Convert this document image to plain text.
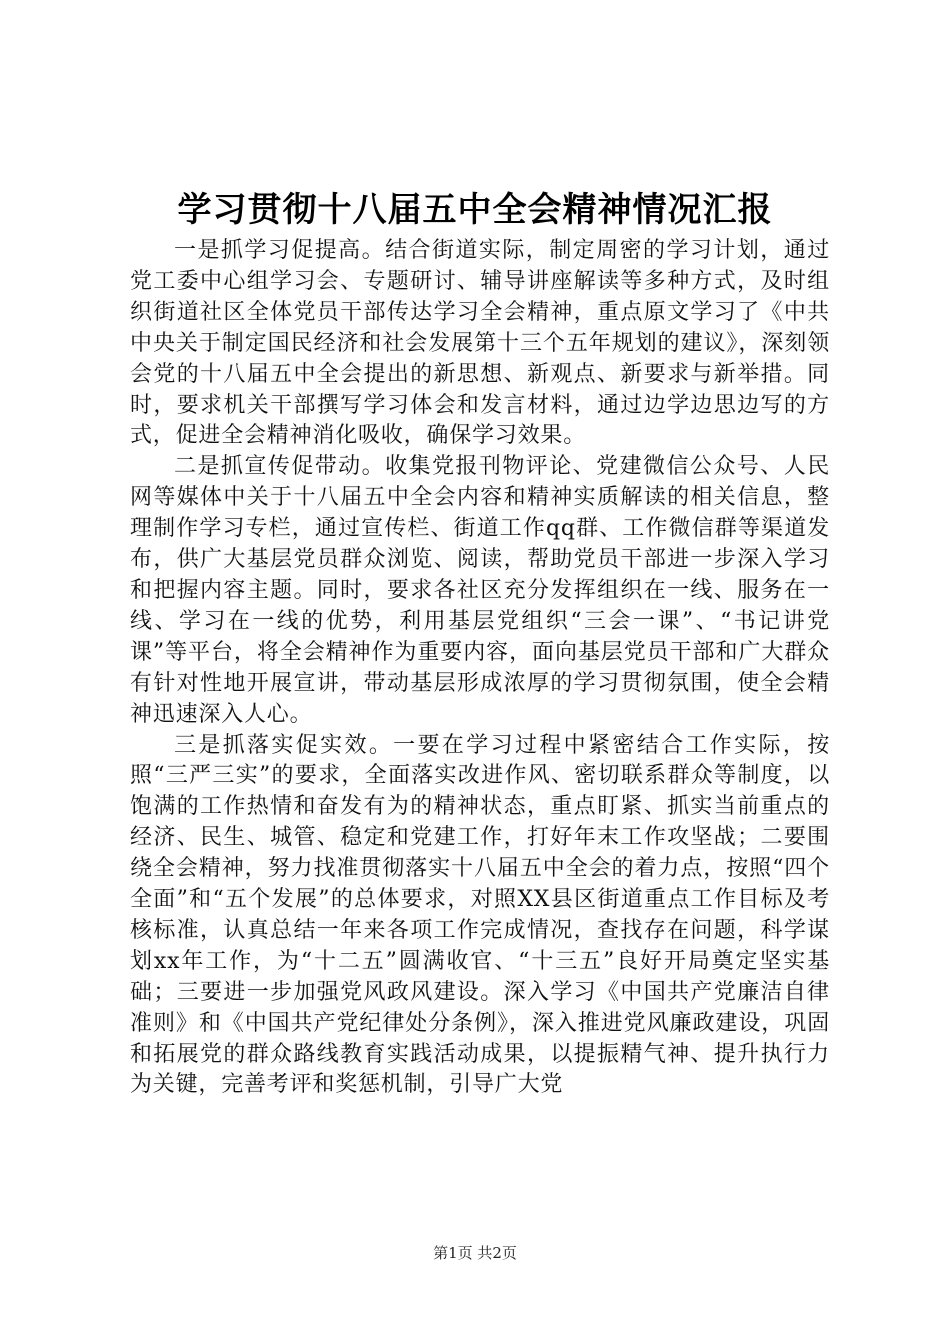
学习贯彻十八届五中全会精神情况汇报

一是抓学习促提高。结合街道实际，制定周密的学习计划，通过党工委中心组学习会、专题研讨、辅导讲座解读等多种方式，及时组织街道社区全体党员干部传达学习全会精神，重点原文学习了《中共中央关于制定国民经济和社会发展第十三个五年规划的建议》，深刻领会党的十八届五中全会提出的新思想、新观点、新要求与新举措。同时，要求机关干部撰写学习体会和发言材料，通过边学边思边写的方式，促进全会精神消化吸收，确保学习效果。

二是抓宣传促带动。收集党报刊物评论、党建微信公众号、人民网等媒体中关于十八届五中全会内容和精神实质解读的相关信息，整理制作学习专栏，通过宣传栏、街道工作qq群、工作微信群等渠道发布，供广大基层党员群众浏览、阅读，帮助党员干部进一步深入学习和把握内容主题。同时，要求各社区充分发挥组织在一线、服务在一线、学习在一线的优势，利用基层党组织“三会一课”、“书记讲党课”等平台，将全会精神作为重要内容，面向基层党员干部和广大群众有针对性地开展宣讲，带动基层形成浓厚的学习贯彻氛围，使全会精神迅速深入人心。

三是抓落实促实效。一要在学习过程中紧密结合工作实际，按照“三严三实”的要求，全面落实改进作风、密切联系群众等制度，以饱满的工作热情和奋发有为的精神状态，重点盯紧、抓实当前重点的经济、民生、城管、稳定和党建工作，打好年末工作攻坚战；二要围绕全会精神，努力找准贯彻落实十八届五中全会的着力点，按照“四个全面”和“五个发展”的总体要求，对照XX县区街道重点工作目标及考核标准，认真总结一年来各项工作完成情况，查找存在问题，科学谋划xx年工作，为“十二五”圆满收官、“十三五”良好开局奠定坚实基础；三要进一步加强党风政风建设。深入学习《中国共产党廉洁自律准则》和《中国共产党纪律处分条例》，深入推进党风廉政建设，巩固和拓展党的群众路线教育实践活动成果，以提振精气神、提升执行力为关键，完善考评和奖惩机制，引导广大党

第1页 共2页
